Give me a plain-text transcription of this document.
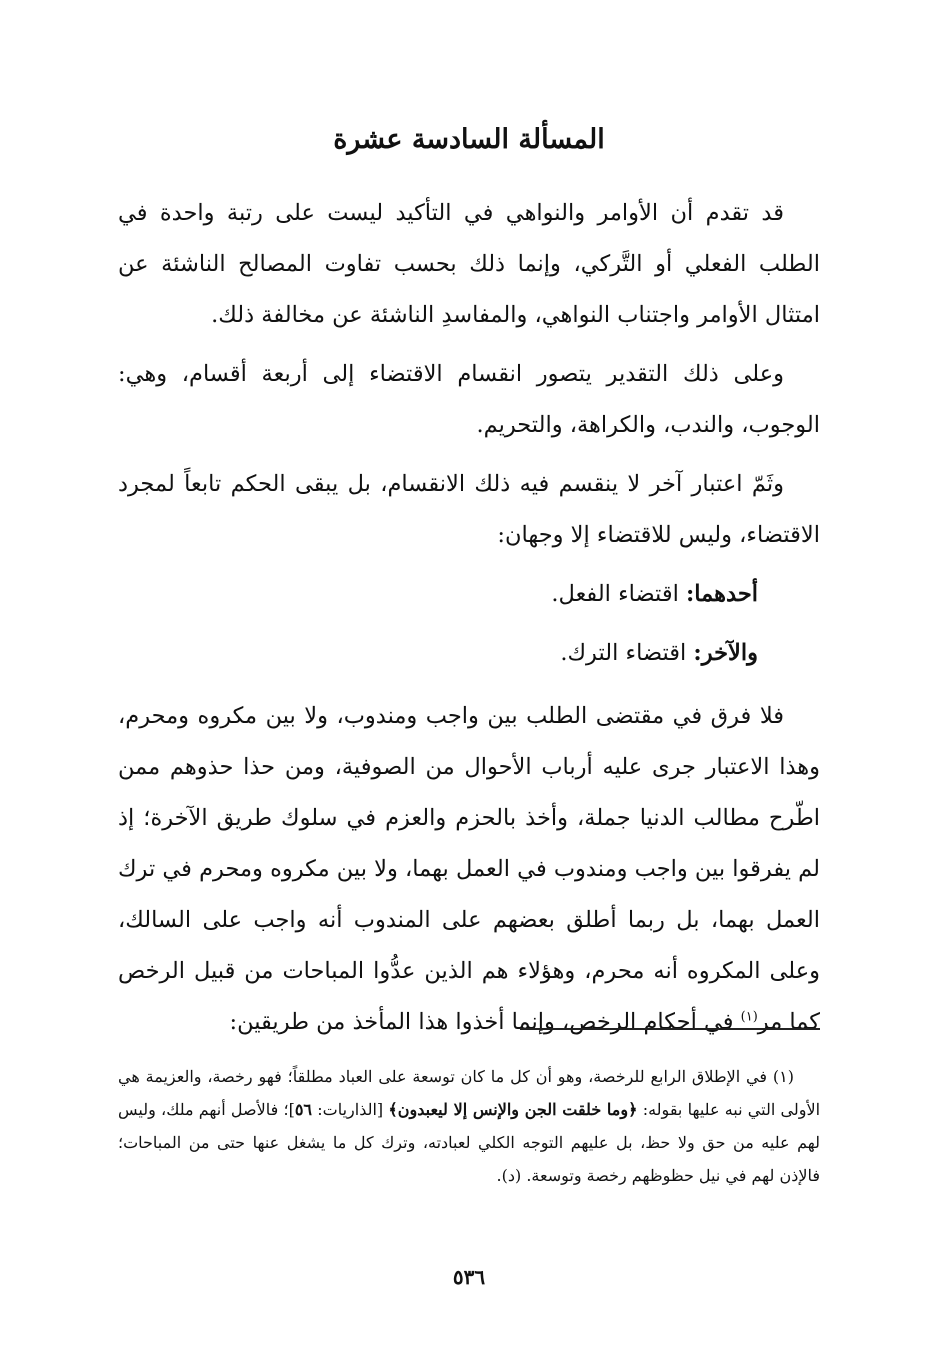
المسألة السادسة عشرة

قد تقدم أن الأوامر والنواهي في التأكيد ليست على رتبة واحدة في الطلب الفعلي أو التَّركي، وإنما ذلك بحسب تفاوت المصالح الناشئة عن امتثال الأوامر واجتناب النواهي، والمفاسدِ الناشئة عن مخالفة ذلك.

وعلى ذلك التقدير يتصور انقسام الاقتضاء إلى أربعة أقسام، وهي: الوجوب، والندب، والكراهة، والتحريم.

وثَمّ اعتبار آخر لا ينقسم فيه ذلك الانقسام، بل يبقى الحكم تابعاً لمجرد الاقتضاء، وليس للاقتضاء إلا وجهان:

أحدهما: اقتضاء الفعل.

والآخر: اقتضاء الترك.

فلا فرق في مقتضى الطلب بين واجب ومندوب، ولا بين مكروه ومحرم، وهذا الاعتبار جرى عليه أرباب الأحوال من الصوفية، ومن حذا حذوهم ممن اطّرح مطالب الدنيا جملة، وأخذ بالحزم والعزم في سلوك طريق الآخرة؛ إذ لم يفرقوا بين واجب ومندوب في العمل بهما، ولا بين مكروه ومحرم في ترك العمل بهما، بل ربما أطلق بعضهم على المندوب أنه واجب على السالك، وعلى المكروه أنه محرم، وهؤلاء هم الذين عدُّوا المباحات من قبيل الرخص كما مر$^{(١)}$ في أحكام الرخص، وإنما أخذوا هذا المأخذ من طريقين:

(١) في الإطلاق الرابع للرخصة، وهو أن كل ما كان توسعة على العباد مطلقاً؛ فهو رخصة، والعزيمة هي الأولى التي نبه عليها بقوله: ﴿وما خلقت الجن والإنس إلا ليعبدون﴾ [الذاريات: ٥٦]؛ فالأصل أنهم ملك، وليس لهم عليه من حق ولا حظ، بل عليهم التوجه الكلي لعبادته، وترك كل ما يشغل عنها حتى من المباحات؛ فالإذن لهم في نيل حظوظهم رخصة وتوسعة. (د).

٥٣٦
